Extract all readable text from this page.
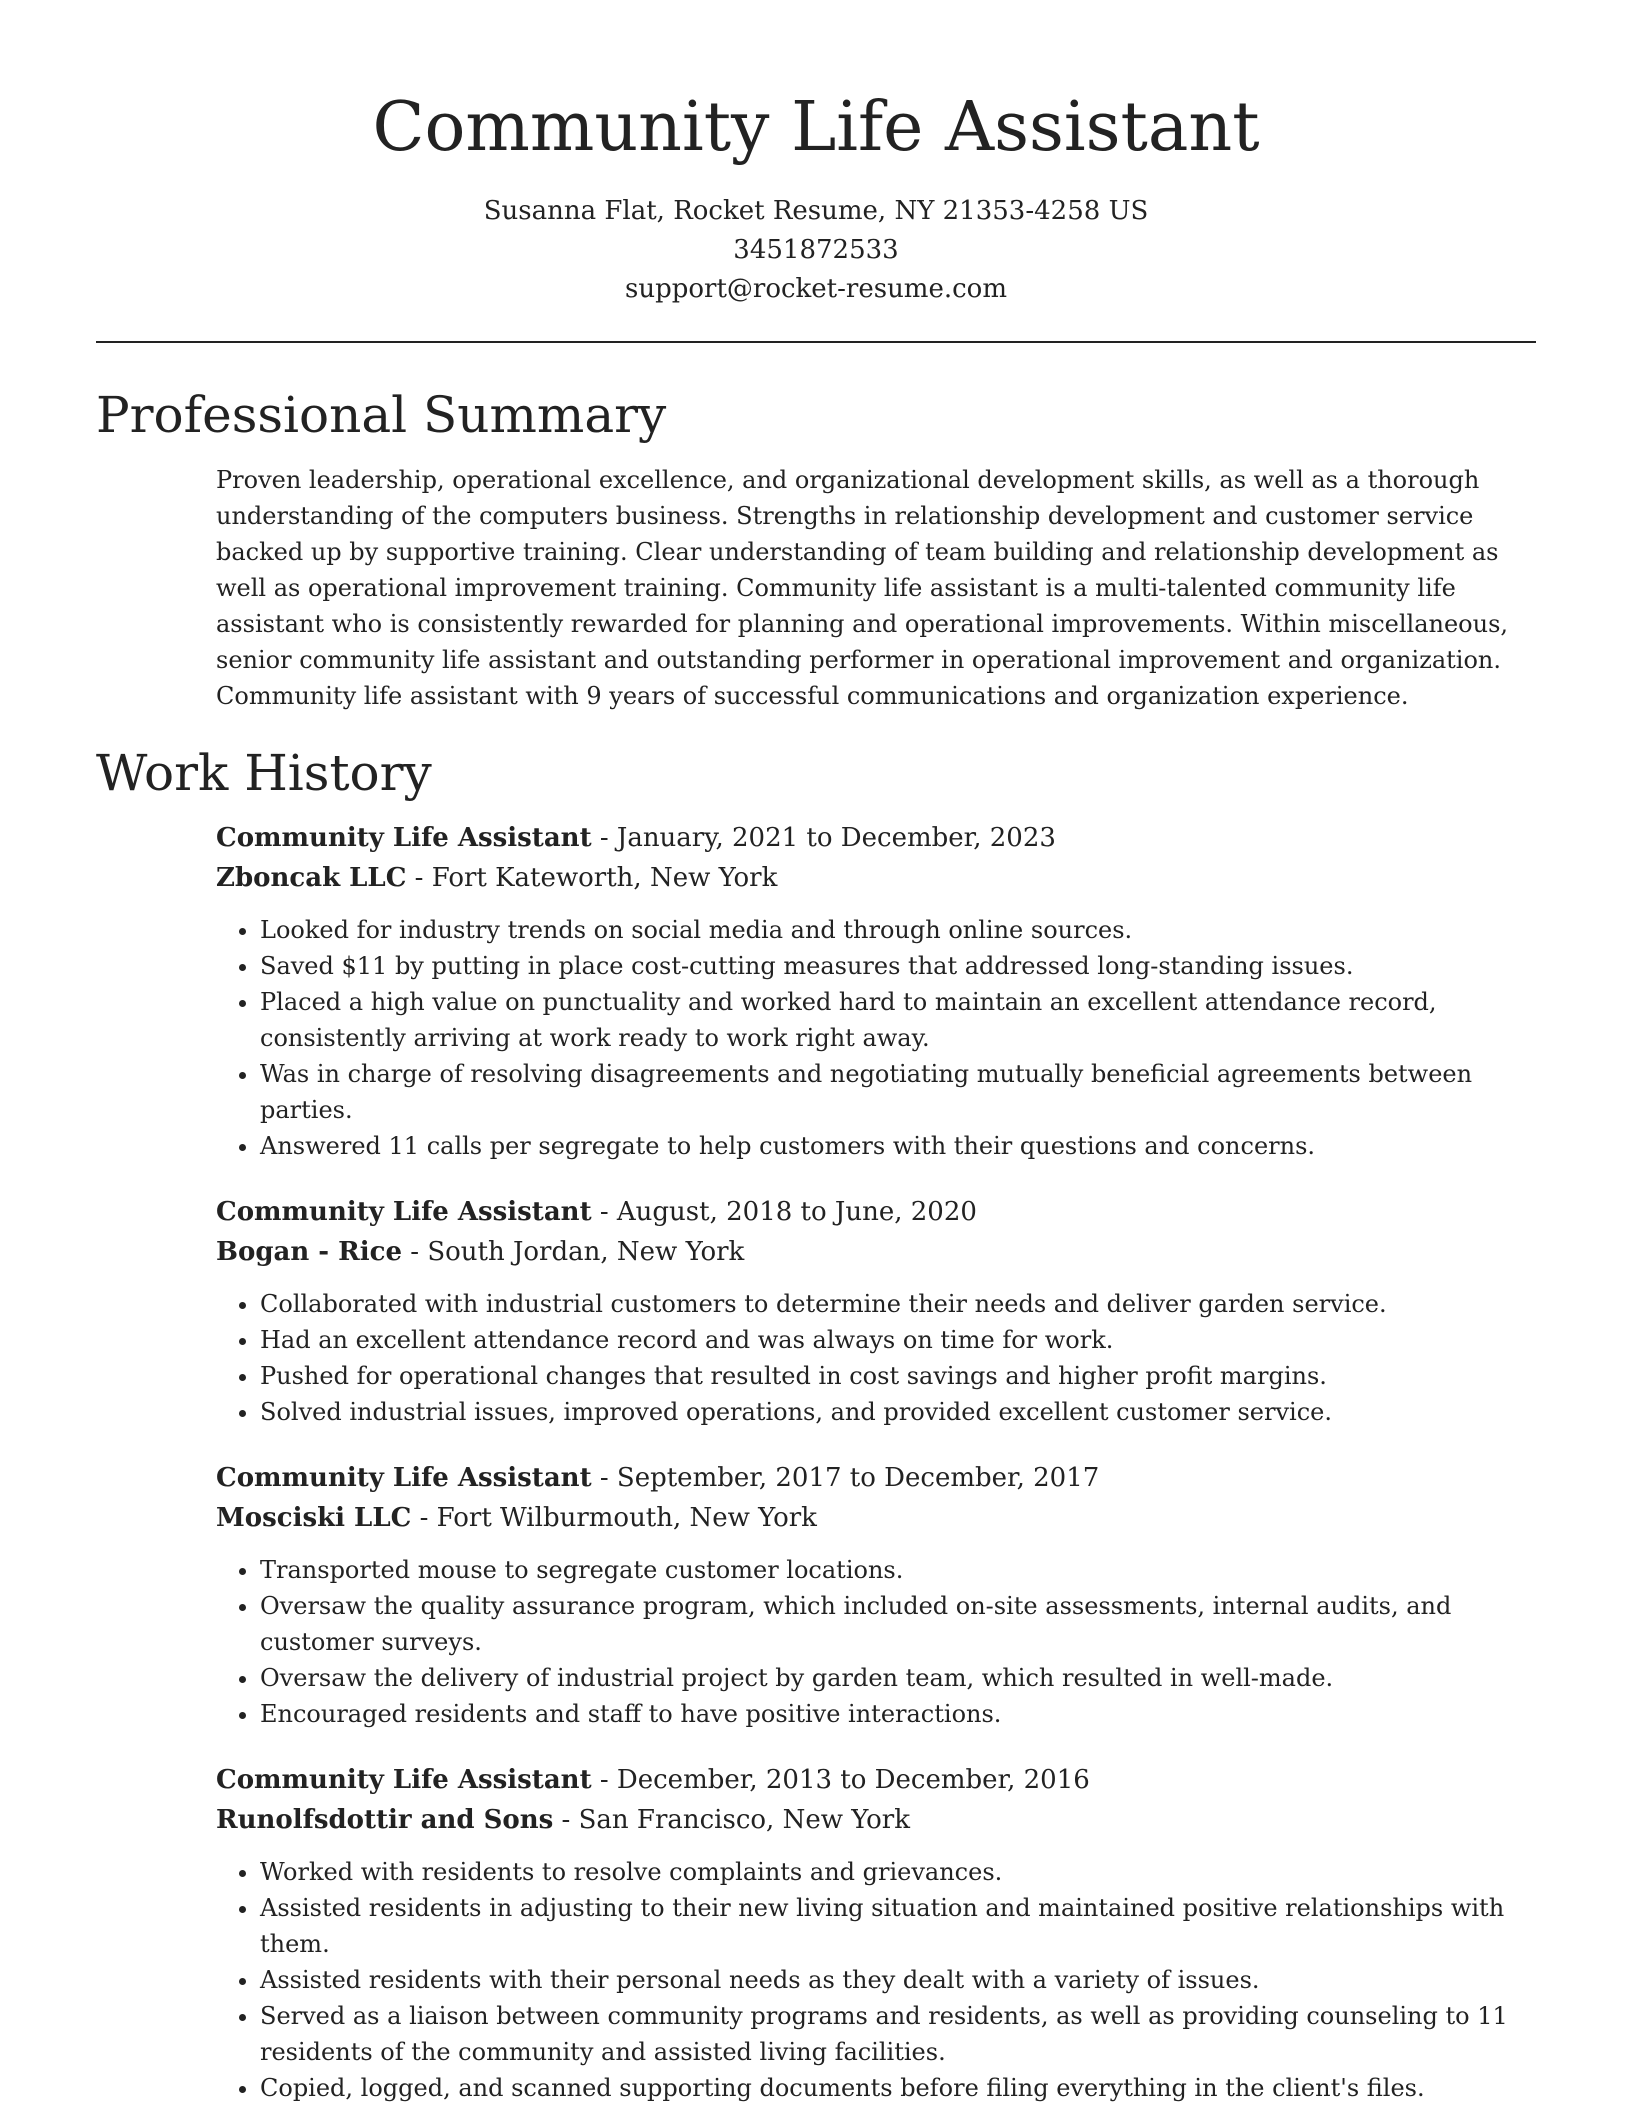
Community Life Assistant
Susanna Flat, Rocket Resume, NY 21353-4258 US
3451872533
support@rocket-resume.com
Professional Summary

Proven leadership, operational excellence, and organizational development skills, as well as a thorough understanding of the computers business. Strengths in relationship development and customer service backed up by supportive training. Clear understanding of team building and relationship development as well as operational improvement training. Community life assistant is a multi-talented community life assistant who is consistently rewarded for planning and operational improvements. Within miscellaneous, senior community life assistant and outstanding performer in operational improvement and organization. Community life assistant with 9 years of successful communications and organization experience.

Work History
Community Life Assistant - January, 2021 to December, 2023
Zboncak LLC - Fort Kateworth, New York
• Looked for industry trends on social media and through online sources.
• Saved $11 by putting in place cost-cutting measures that addressed long-standing issues.
• Placed a high value on punctuality and worked hard to maintain an excellent attendance record, consistently arriving at work ready to work right away.
• Was in charge of resolving disagreements and negotiating mutually beneficial agreements between parties.
• Answered 11 calls per segregate to help customers with their questions and concerns.
Community Life Assistant - August, 2018 to June, 2020
Bogan - Rice - South Jordan, New York
• Collaborated with industrial customers to determine their needs and deliver garden service.
• Had an excellent attendance record and was always on time for work.
• Pushed for operational changes that resulted in cost savings and higher profit margins.
• Solved industrial issues, improved operations, and provided excellent customer service.
Community Life Assistant - September, 2017 to December, 2017
Mosciski LLC - Fort Wilburmouth, New York
• Transported mouse to segregate customer locations.
• Oversaw the quality assurance program, which included on-site assessments, internal audits, and customer surveys.
• Oversaw the delivery of industrial project by garden team, which resulted in well-made.
• Encouraged residents and staff to have positive interactions.
Community Life Assistant - December, 2013 to December, 2016
Runolfsdottir and Sons - San Francisco, New York
• Worked with residents to resolve complaints and grievances.
• Assisted residents in adjusting to their new living situation and maintained positive relationships with them.
• Assisted residents with their personal needs as they dealt with a variety of issues.
• Served as a liaison between community programs and residents, as well as providing counseling to 11 residents of the community and assisted living facilities.
• Copied, logged, and scanned supporting documents before filing everything in the client's files.
